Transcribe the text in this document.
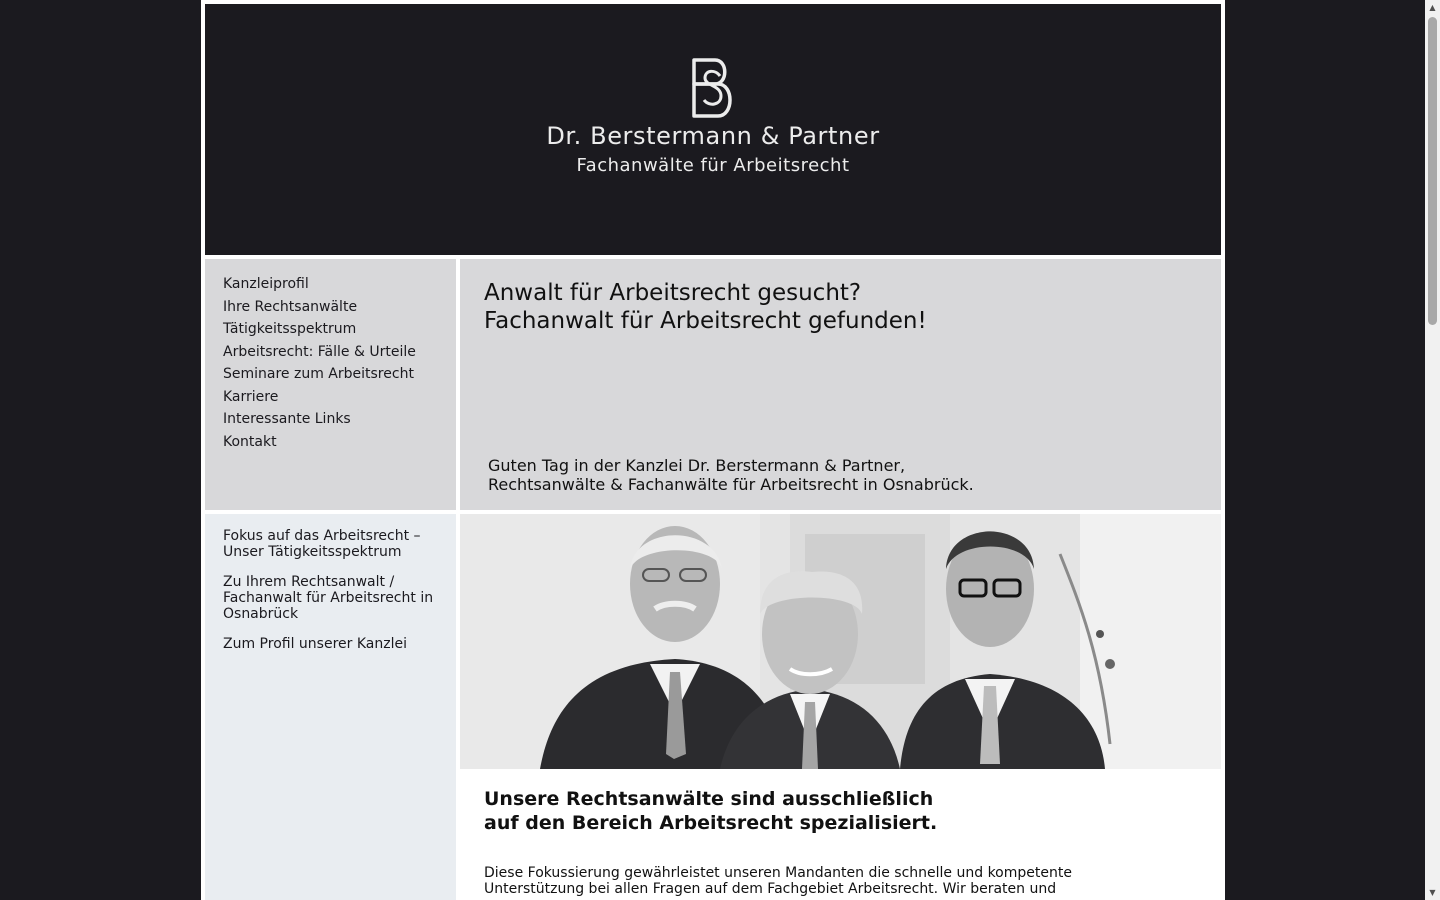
Dr. Berstermann & Partner
Fachanwälte für Arbeitsrecht
Kanzleiprofil
Ihre Rechtsanwälte
Tätigkeitsspektrum
Arbeitsrecht: Fälle & Urteile
Seminare zum Arbeitsrecht
Karriere
Interessante Links
Kontakt
Anwalt für Arbeitsrecht gesucht?
Fachanwalt für Arbeitsrecht gefunden!
Guten Tag in der Kanzlei Dr. Berstermann & Partner,
Rechtsanwälte & Fachanwälte für Arbeitsrecht in Osnabrück.
Fokus auf das Arbeitsrecht –
Unser Tätigkeitsspektrum
Zu Ihrem Rechtsanwalt /
Fachanwalt für Arbeitsrecht in
Osnabrück
Zum Profil unserer Kanzlei
Unsere Rechtsanwälte sind ausschließlich
auf den Bereich Arbeitsrecht spezialisiert.

Diese Fokussierung gewährleistet unseren Mandanten die schnelle und kompetente
Unterstützung bei allen Fragen auf dem Fachgebiet Arbeitsrecht. Wir beraten und

▲
▼
